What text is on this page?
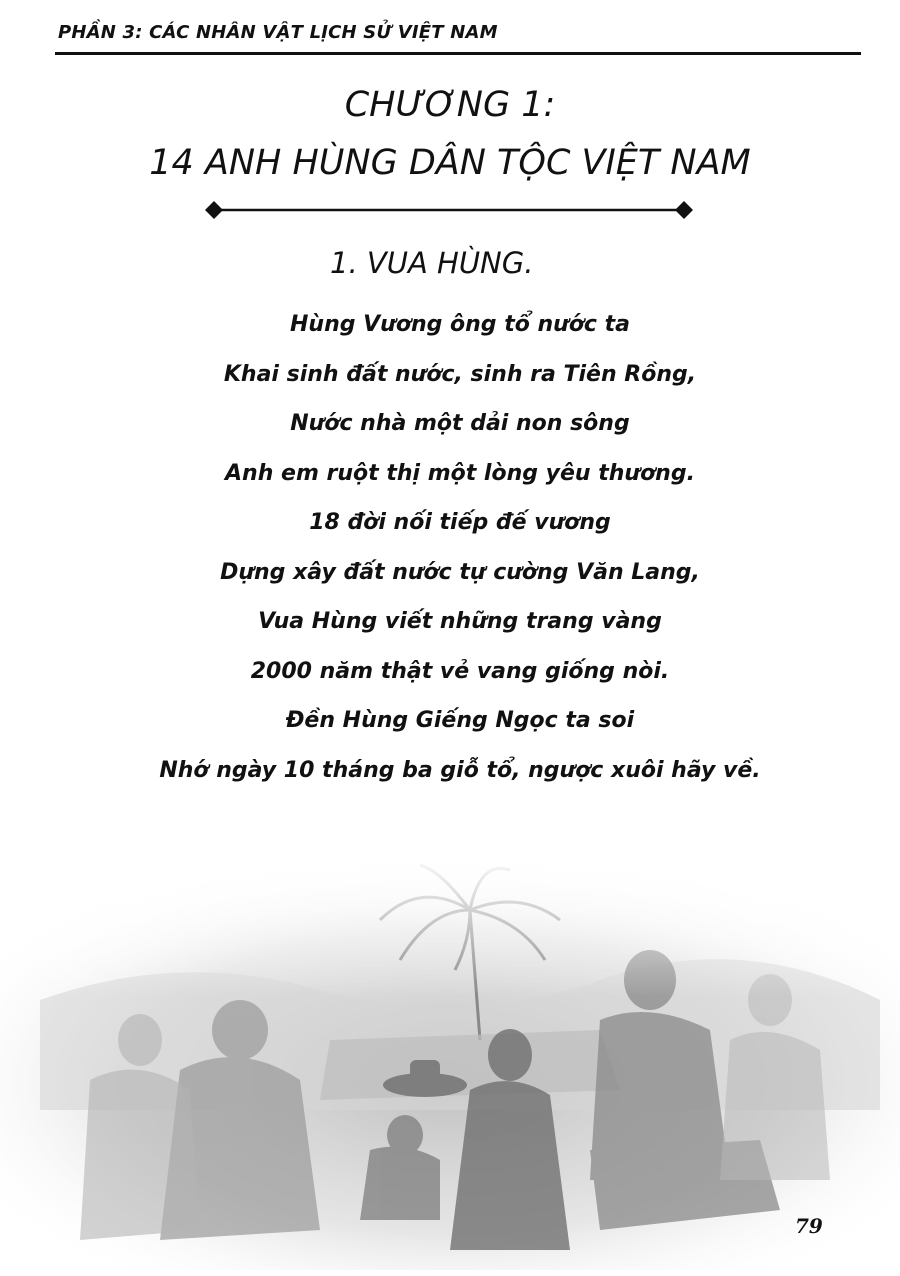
PHẦN 3: CÁC NHÂN VẬT LỊCH SỬ VIỆT NAM
CHƯƠNG 1:
14 ANH HÙNG DÂN TỘC VIỆT NAM
1. VUA HÙNG.
Hùng Vương ông tổ nước ta
Khai sinh đất nước, sinh ra Tiên Rồng,
Nước nhà một dải non sông
Anh em ruột thị một lòng yêu thương.
18 đời nối tiếp đế vương
Dựng xây đất nước tự cường Văn Lang,
Vua Hùng viết những trang vàng
2000 năm thật vẻ vang giống nòi.
Đền Hùng Giếng Ngọc ta soi
Nhớ ngày 10 tháng ba giỗ tổ, ngược xuôi hãy về.
79
